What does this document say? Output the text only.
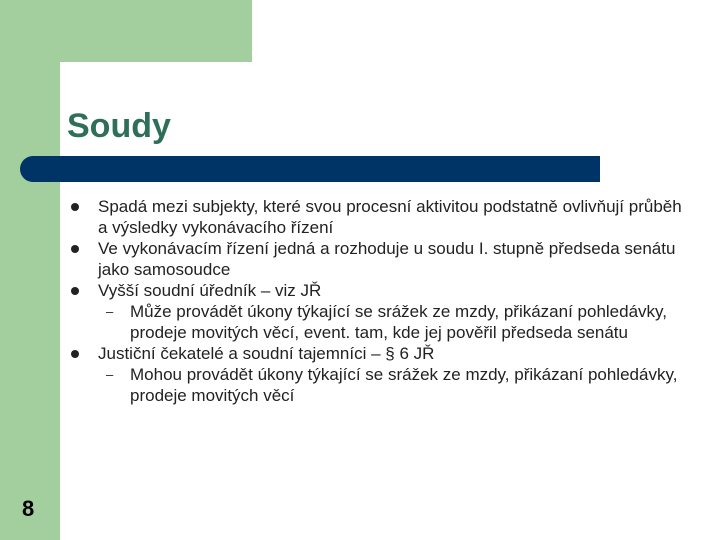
Soudy
Spadá mezi subjekty, které svou procesní aktivitou podstatně ovlivňují průběh a výsledky vykonávacího řízení
Ve vykonávacím řízení jedná a rozhoduje u soudu I. stupně předseda senátu jako samosoudce
Vyšší soudní úředník – viz JŘ
– Může provádět úkony týkající se srážek ze mzdy, přikázaní pohledávky, prodeje movitých věcí, event. tam, kde jej pověřil předseda senátu
Justiční čekatelé a soudní tajemníci – § 6 JŘ
– Mohou provádět úkony týkající se srážek ze mzdy, přikázaní pohledávky, prodeje movitých věcí
8
